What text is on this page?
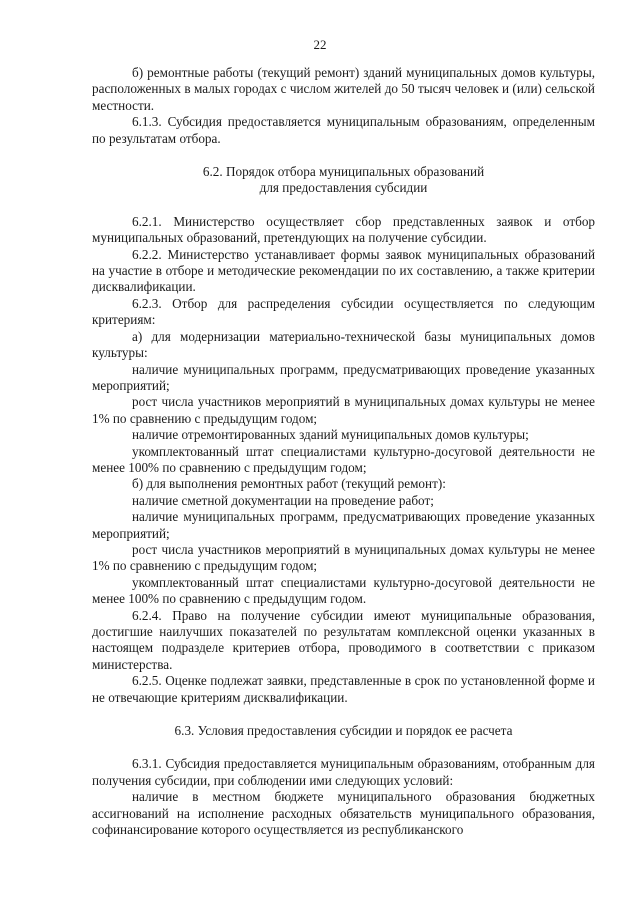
22

б) ремонтные работы (текущий ремонт) зданий муниципальных домов культуры, расположенных в малых городах с числом жителей до 50 тысяч человек и (или) сельской местности.

6.1.3. Субсидия предоставляется муниципальным образованиям, определенным по результатам отбора.

6.2. Порядок отбора муниципальных образований

для предоставления субсидии

6.2.1. Министерство осуществляет сбор представленных заявок и отбор муниципальных образований, претендующих на получение субсидии.

6.2.2. Министерство устанавливает формы заявок муниципальных образований на участие в отборе и методические рекомендации по их составлению, а также критерии дисквалификации.

6.2.3. Отбор для распределения субсидии осуществляется по следующим критериям:

а) для модернизации материально-технической базы муниципальных домов культуры:

наличие муниципальных программ, предусматривающих проведение указанных мероприятий;

рост числа участников мероприятий в муниципальных домах культуры не менее 1% по сравнению с предыдущим годом;

наличие отремонтированных зданий муниципальных домов культуры;

укомплектованный штат специалистами культурно-досуговой деятельности не менее 100% по сравнению с предыдущим годом;

б) для выполнения ремонтных работ (текущий ремонт):

наличие сметной документации на проведение работ;

наличие муниципальных программ, предусматривающих проведение указанных мероприятий;

рост числа участников мероприятий в муниципальных домах культуры не менее 1% по сравнению с предыдущим годом;

укомплектованный штат специалистами культурно-досуговой деятельности не менее 100% по сравнению с предыдущим годом.

6.2.4. Право на получение субсидии имеют муниципальные образования, достигшие наилучших показателей по результатам комплексной оценки указанных в настоящем подразделе критериев отбора, проводимого в соответствии с приказом министерства.

6.2.5. Оценке подлежат заявки, представленные в срок по установленной форме и не отвечающие критериям дисквалификации.

6.3. Условия предоставления субсидии и порядок ее расчета

6.3.1. Субсидия предоставляется муниципальным образованиям, отобранным для получения субсидии, при соблюдении ими следующих условий:

наличие в местном бюджете муниципального образования бюджетных ассигнований на исполнение расходных обязательств муниципального образования, софинансирование которого осуществляется из республиканского
